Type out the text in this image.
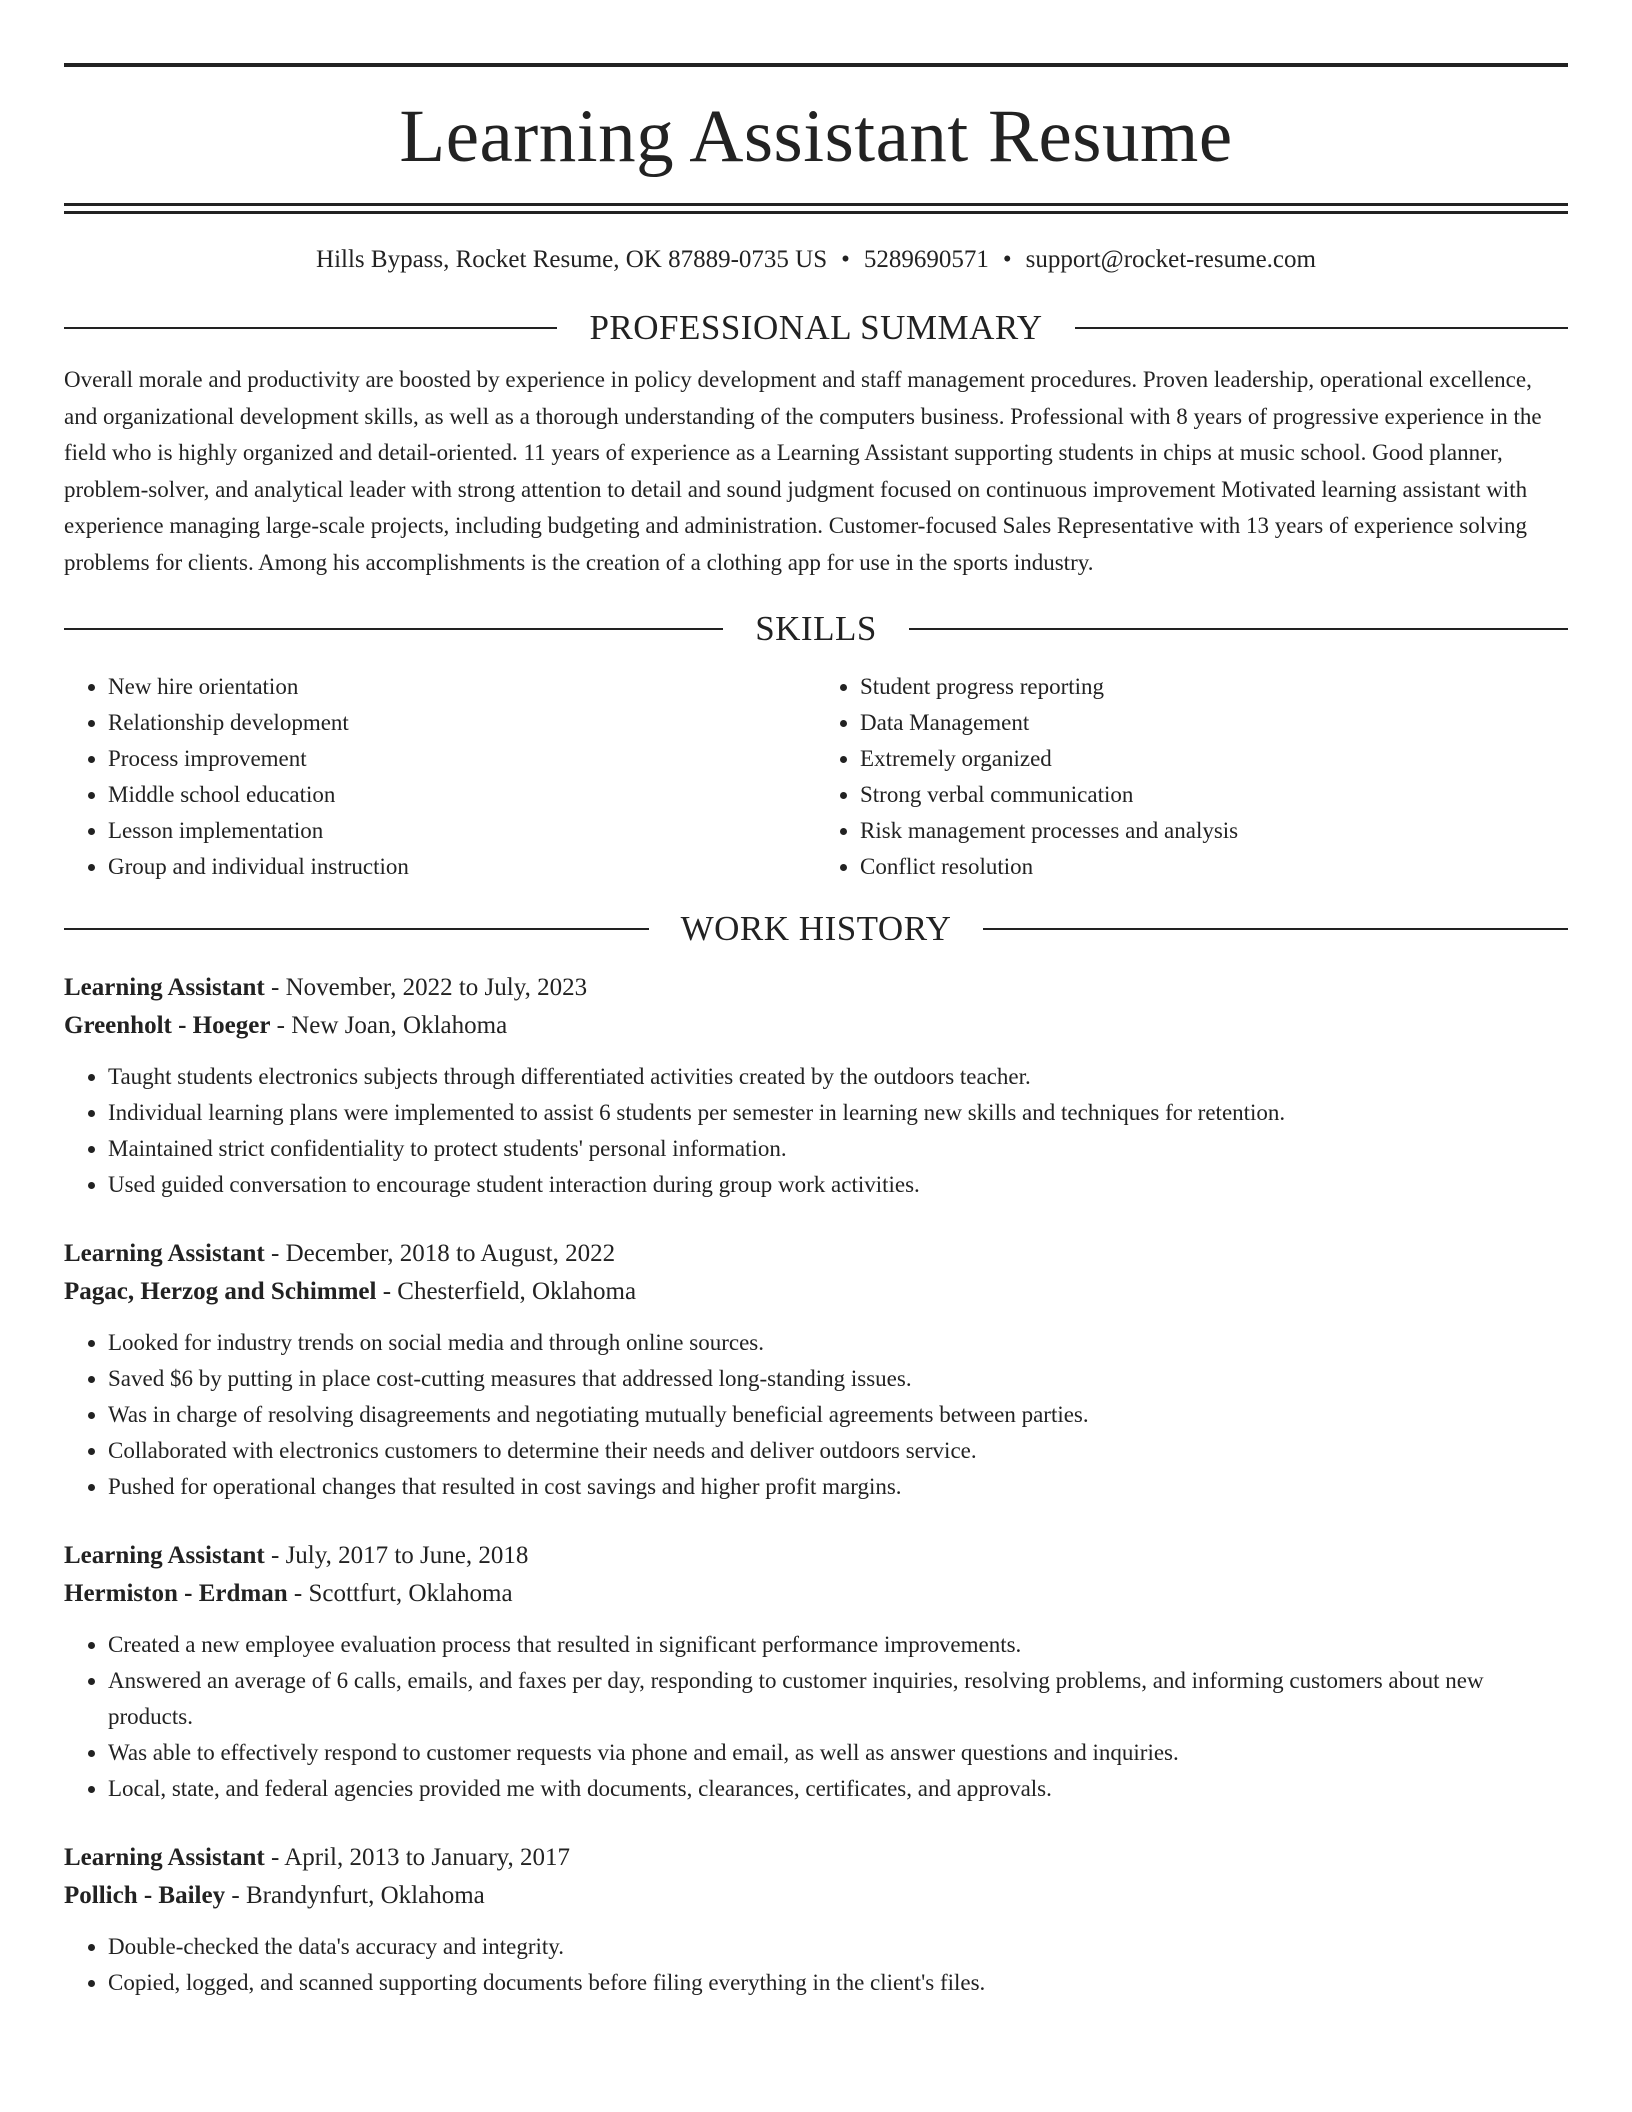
Learning Assistant Resume
Hills Bypass, Rocket Resume, OK 87889-0735 US • 5289690571 • support@rocket-resume.com
PROFESSIONAL SUMMARY

Overall morale and productivity are boosted by experience in policy development and staff management procedures. Proven leadership, operational excellence, and organizational development skills, as well as a thorough understanding of the computers business. Professional with 8 years of progressive experience in the field who is highly organized and detail-oriented. 11 years of experience as a Learning Assistant supporting students in chips at music school. Good planner, problem-solver, and analytical leader with strong attention to detail and sound judgment focused on continuous improvement Motivated learning assistant with experience managing large-scale projects, including budgeting and administration. Customer-focused Sales Representative with 13 years of experience solving problems for clients. Among his accomplishments is the creation of a clothing app for use in the sports industry.

SKILLS
• New hire orientation
• Relationship development
• Process improvement
• Middle school education
• Lesson implementation
• Group and individual instruction
• Student progress reporting
• Data Management
• Extremely organized
• Strong verbal communication
• Risk management processes and analysis
• Conflict resolution
WORK HISTORY
Learning Assistant - November, 2022 to July, 2023
Greenholt - Hoeger - New Joan, Oklahoma
• Taught students electronics subjects through differentiated activities created by the outdoors teacher.
• Individual learning plans were implemented to assist 6 students per semester in learning new skills and techniques for retention.
• Maintained strict confidentiality to protect students' personal information.
• Used guided conversation to encourage student interaction during group work activities.
Learning Assistant - December, 2018 to August, 2022
Pagac, Herzog and Schimmel - Chesterfield, Oklahoma
• Looked for industry trends on social media and through online sources.
• Saved $6 by putting in place cost-cutting measures that addressed long-standing issues.
• Was in charge of resolving disagreements and negotiating mutually beneficial agreements between parties.
• Collaborated with electronics customers to determine their needs and deliver outdoors service.
• Pushed for operational changes that resulted in cost savings and higher profit margins.
Learning Assistant - July, 2017 to June, 2018
Hermiston - Erdman - Scottfurt, Oklahoma
• Created a new employee evaluation process that resulted in significant performance improvements.
• Answered an average of 6 calls, emails, and faxes per day, responding to customer inquiries, resolving problems, and informing customers about new products.
• Was able to effectively respond to customer requests via phone and email, as well as answer questions and inquiries.
• Local, state, and federal agencies provided me with documents, clearances, certificates, and approvals.
Learning Assistant - April, 2013 to January, 2017
Pollich - Bailey - Brandynfurt, Oklahoma
• Double-checked the data's accuracy and integrity.
• Copied, logged, and scanned supporting documents before filing everything in the client's files.
